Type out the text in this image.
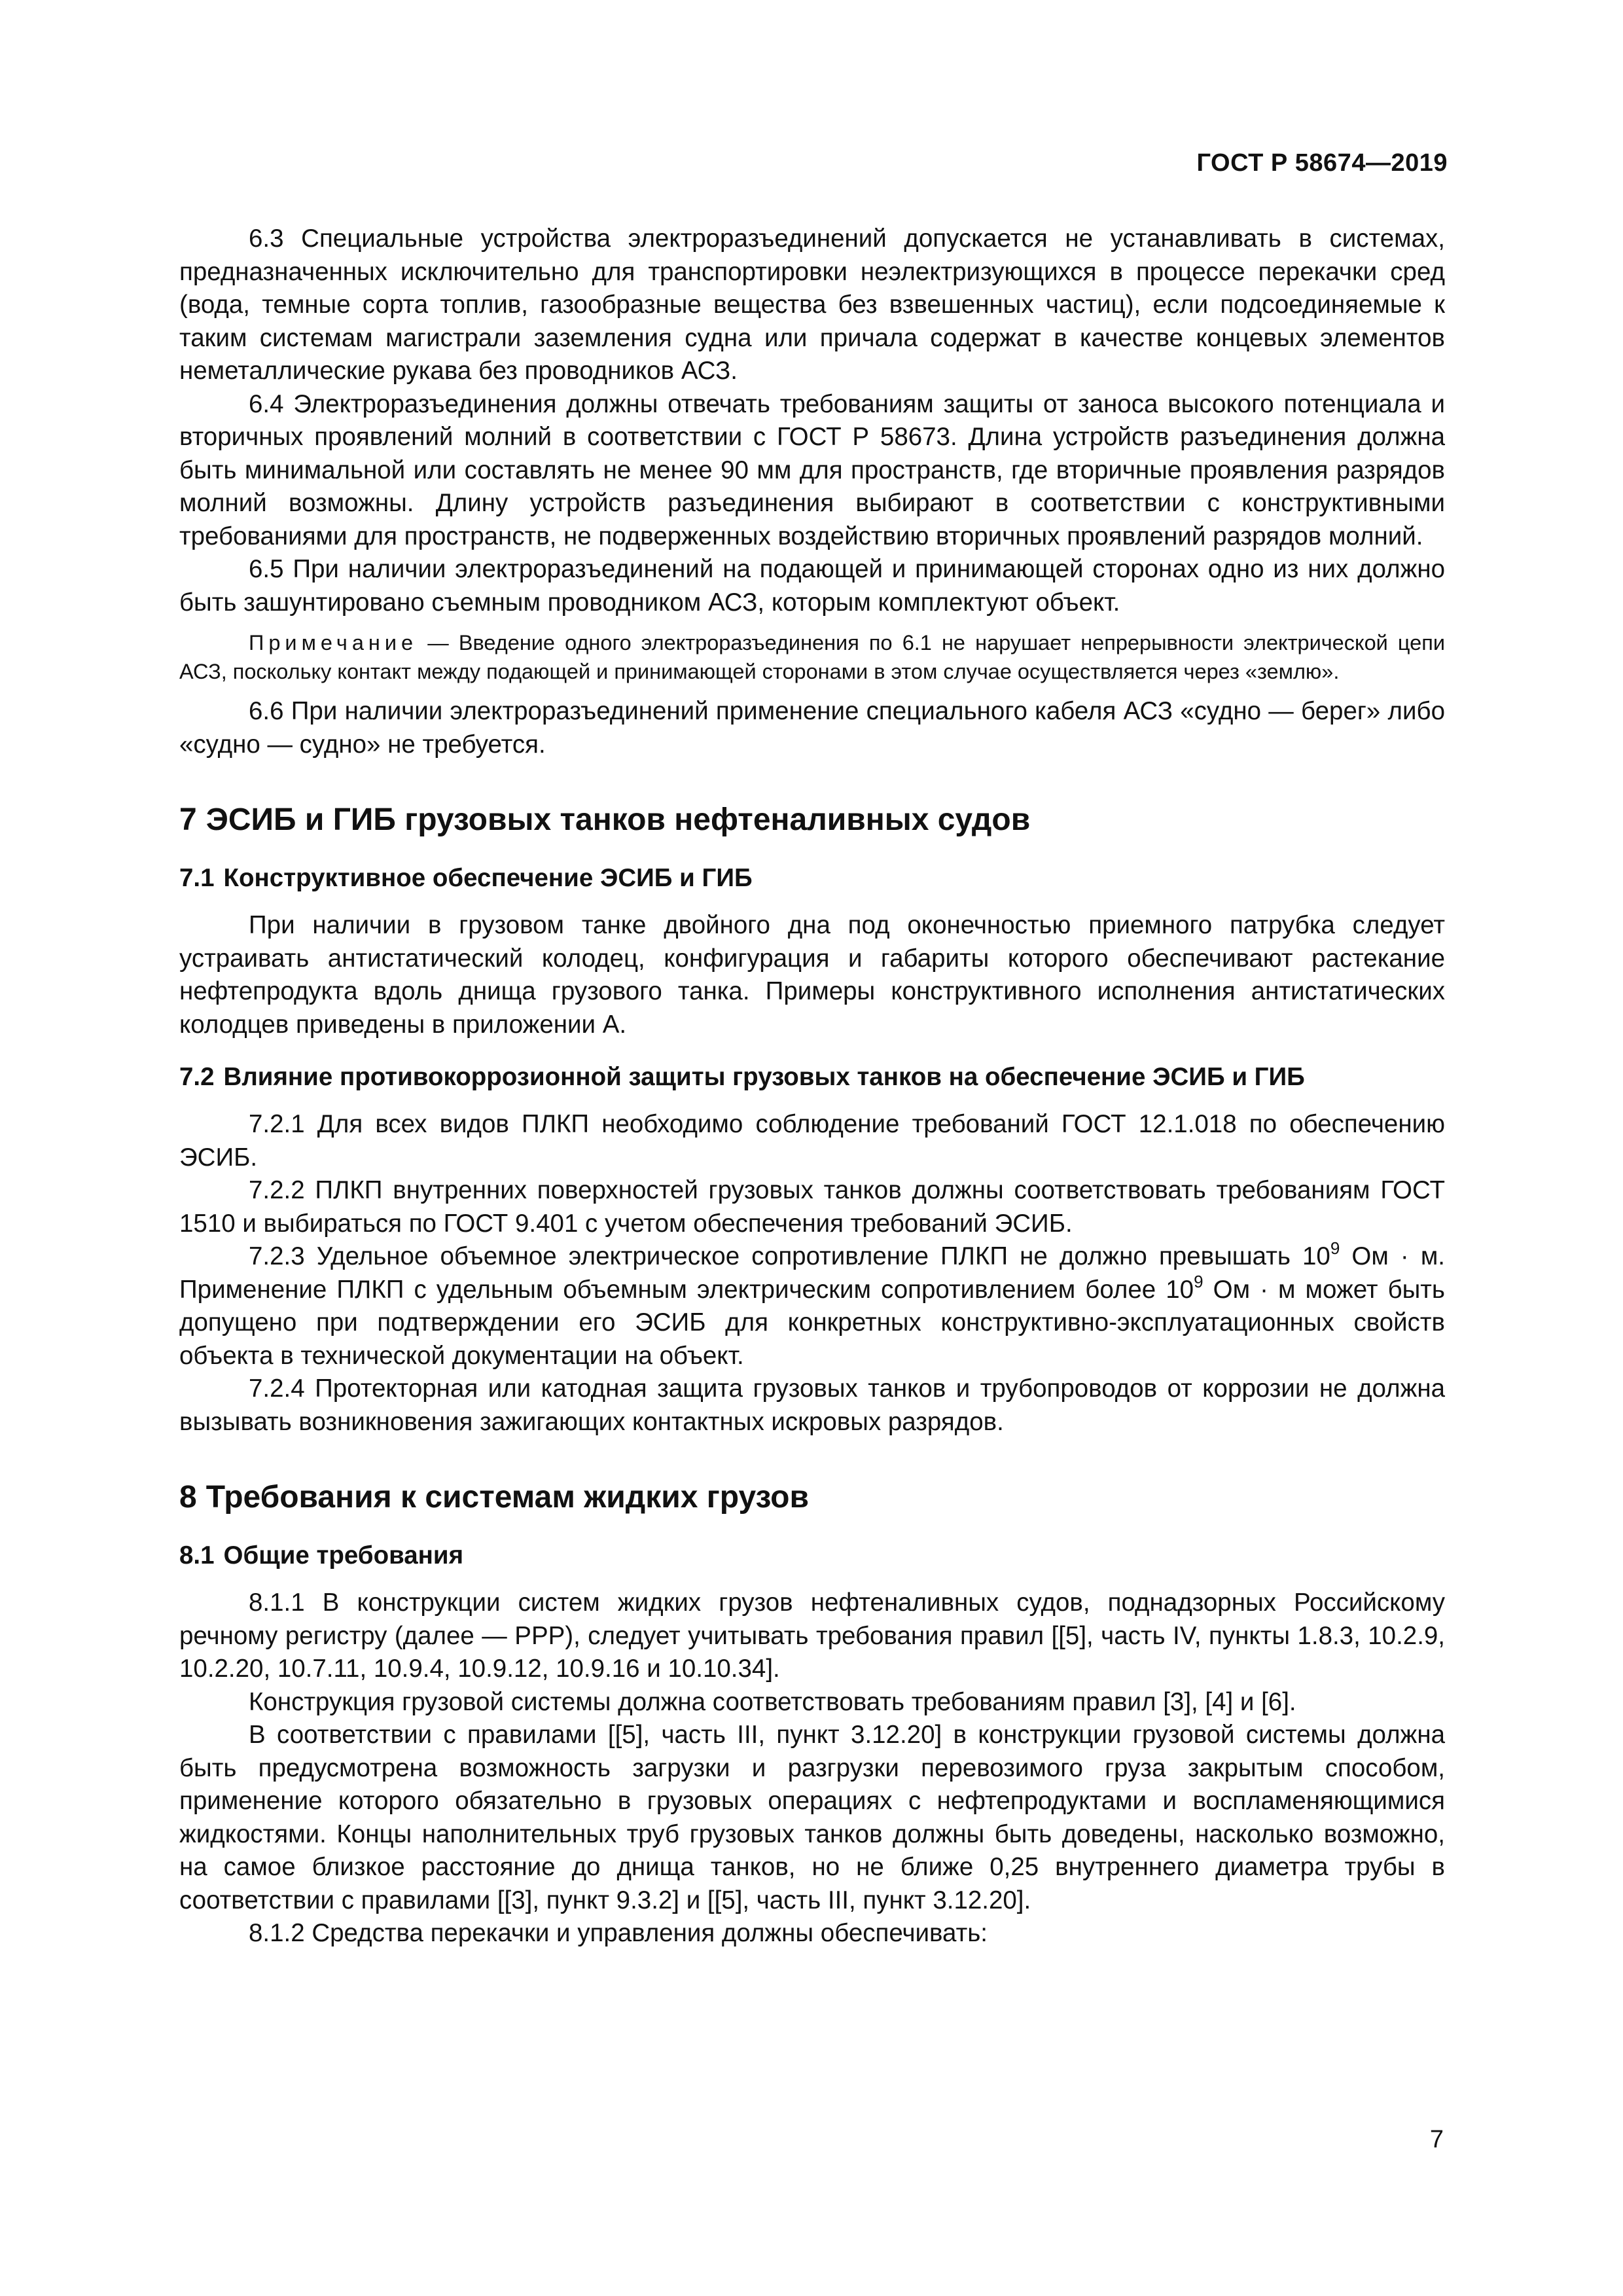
ГОСТ Р 58674—2019

6.3 Специальные устройства электроразъединений допускается не устанавливать в системах, предназначенных исключительно для транспортировки неэлектризующихся в процессе перекачки сред (вода, темные сорта топлив, газообразные вещества без взвешенных частиц), если подсоединяемые к таким системам магистрали заземления судна или причала содержат в качестве концевых элементов неметаллические рукава без проводников АСЗ.

6.4 Электроразъединения должны отвечать требованиям защиты от заноса высокого потенциала и вторичных проявлений молний в соответствии с ГОСТ Р 58673. Длина устройств разъединения должна быть минимальной или составлять не менее 90 мм для пространств, где вторичные проявления разрядов молний возможны. Длину устройств разъединения выбирают в соответствии с конструктивными требованиями для пространств, не подверженных воздействию вторичных проявлений разрядов молний.

6.5 При наличии электроразъединений на подающей и принимающей сторонах одно из них должно быть зашунтировано съемным проводником АСЗ, которым комплектуют объект.

Примечание — Введение одного электроразъединения по 6.1 не нарушает непрерывности электрической цепи АСЗ, поскольку контакт между подающей и принимающей сторонами в этом случае осуществляется через «землю».

6.6 При наличии электроразъединений применение специального кабеля АСЗ «судно — берег» либо «судно — судно» не требуется.

7 ЭСИБ и ГИБ грузовых танков нефтеналивных судов
7.1 Конструктивное обеспечение ЭСИБ и ГИБ

При наличии в грузовом танке двойного дна под оконечностью приемного патрубка следует устраивать антистатический колодец, конфигурация и габариты которого обеспечивают растекание нефтепродукта вдоль днища грузового танка. Примеры конструктивного исполнения антистатических колодцев приведены в приложении А.

7.2 Влияние противокоррозионной защиты грузовых танков на обеспечение ЭСИБ и ГИБ

7.2.1 Для всех видов ПЛКП необходимо соблюдение требований ГОСТ 12.1.018 по обеспечению ЭСИБ.

7.2.2 ПЛКП внутренних поверхностей грузовых танков должны соответствовать требованиям ГОСТ 1510 и выбираться по ГОСТ 9.401 с учетом обеспечения требований ЭСИБ.

7.2.3 Удельное объемное электрическое сопротивление ПЛКП не должно превышать $10^9$ Ом · м. Применение ПЛКП с удельным объемным электрическим сопротивлением более $10^9$ Ом · м может быть допущено при подтверждении его ЭСИБ для конкретных конструктивно-эксплуатационных свойств объекта в технической документации на объект.

7.2.4 Протекторная или катодная защита грузовых танков и трубопроводов от коррозии не должна вызывать возникновения зажигающих контактных искровых разрядов.

8 Требования к системам жидких грузов
8.1 Общие требования

8.1.1 В конструкции систем жидких грузов нефтеналивных судов, поднадзорных Российскому речному регистру (далее — PPP), следует учитывать требования правил [[5], часть IV, пункты 1.8.3, 10.2.9, 10.2.20, 10.7.11, 10.9.4, 10.9.12, 10.9.16 и 10.10.34].

Конструкция грузовой системы должна соответствовать требованиям правил [3], [4] и [6].

В соответствии с правилами [[5], часть III, пункт 3.12.20] в конструкции грузовой системы должна быть предусмотрена возможность загрузки и разгрузки перевозимого груза закрытым способом, применение которого обязательно в грузовых операциях с нефтепродуктами и воспламеняющимися жидкостями. Концы наполнительных труб грузовых танков должны быть доведены, насколько возможно, на самое близкое расстояние до днища танков, но не ближе 0,25 внутреннего диаметра трубы в соответствии с правилами [[3], пункт 9.3.2] и [[5], часть III, пункт 3.12.20].

8.1.2 Средства перекачки и управления должны обеспечивать:

7
